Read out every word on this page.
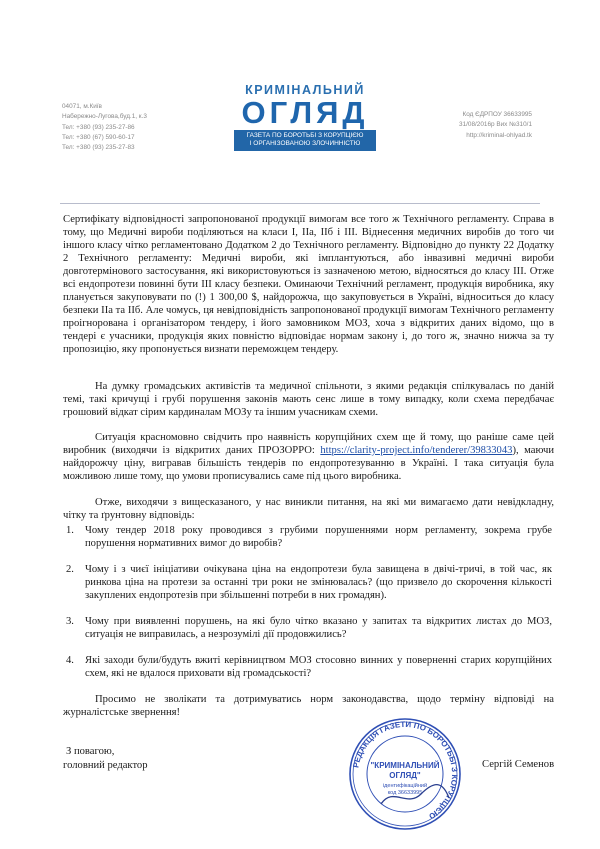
04071, м.Київ
Набережно-Лугова,буд.1, к.3
Тел: +380 (93) 235-27-86
Тел: +380 (67) 590-60-17
Тел: +380 (93) 235-27-83
КРИМІНАЛЬНИЙ
ОГЛЯД
ГАЗЕТА ПО БОРОТЬБІ З КОРУПЦІЄЮ
І ОРГАНІЗОВАНОЮ ЗЛОЧИННІСТЮ
Код ЄДРПОУ 36633995
31/08/2016р Вих №310/1
http://kriminal-ohlyad.tk

Сертифікату відповідності запропонованої продукції вимогам все того ж Технічного регламенту. Справа в тому, що Медичні вироби поділяються на класи І, ІІа, ІІб і ІІІ. Віднесення медичних виробів до того чи іншого класу чітко регламентовано Додатком 2 до Технічного регламенту. Відповідно до пункту 22 Додатку 2 Технічного регламенту: Медичні вироби, які імплантуються, або інвазивні медичні вироби довготермінового застосування, які використовуються із зазначеною метою, відносяться до класу ІІІ. Отже всі ендопротези повинні бути ІІІ класу безпеки. Оминаючи Технічний регламент, продукція виробника, яку планується закуповувати по (!) 1 300,00 $, найдорожча, що закуповується в Україні, відноситься до класу безпеки ІІа та ІІб. Але чомусь, ця невідповідність запропонованої продукції вимогам Технічного регламенту проігнорована і організатором тендеру, і його замовником МОЗ, хоча з відкритих даних відомо, що в тендері є учасники, продукція яких повністю відповідає нормам закону і, до того ж, значно нижча за ту пропозицію, яку пропонується визнати переможцем тендеру.

На думку громадських активістів та медичної спільноти, з якими редакція спілкувалась по даній темі, такі кричущі і грубі порушення законів мають сенс лише в тому випадку, коли схема передбачає грошовий відкат сірим кардиналам МОЗу та іншим учасникам схеми.

Ситуація красномовно свідчить про наявність корупційних схем ще й тому, що раніше саме цей виробник (виходячи із відкритих даних ПРОЗОРРО: https://clarity-project.info/tenderer/39833043), маючи найдорожчу ціну, вигравав більшість тендерів по ендопротезуванню в Україні. І така ситуація була можливою лише тому, що умови прописувались саме під цього виробника.

Отже, виходячи з вищесказаного, у нас виникли питання, на які ми вимагаємо дати невідкладну, чітку та ґрунтовну відповідь:

1. Чому тендер 2018 року проводився з грубими порушеннями норм регламенту, зокрема грубе порушення нормативних вимог до виробів?
2. Чому і з чиєї ініціативи очікувана ціна на ендопротези була завищена в двічі-тричі, в той час, як ринкова ціна на протези за останні три роки не змінювалась? (що призвело до скорочення кількості закуплених ендопротезів при збільшенні потреби в них громадян).
3. Чому при виявленні порушень, на які було чітко вказано у запитах та відкритих листах до МОЗ, ситуація не виправилась, а незрозумілі дії продовжились?
4. Які заходи були/будуть вжиті керівництвом МОЗ стосовно винних у поверненні старих корупційних схем, які не вдалося приховати від громадськості?

Просимо не зволікати та дотримуватись норм законодавства, щодо терміну відповіді на журналістське звернення!

З повагою,
головний редактор	РЕДАКЦІЯ ГАЗЕТИ ПО БОРОТЬБІ З КОРУПЦІЄЮ
"КРИМІНАЛЬНИЙ
ОГЛЯД"
ідентифікаційний
код 36633995
Сергій Семенов
